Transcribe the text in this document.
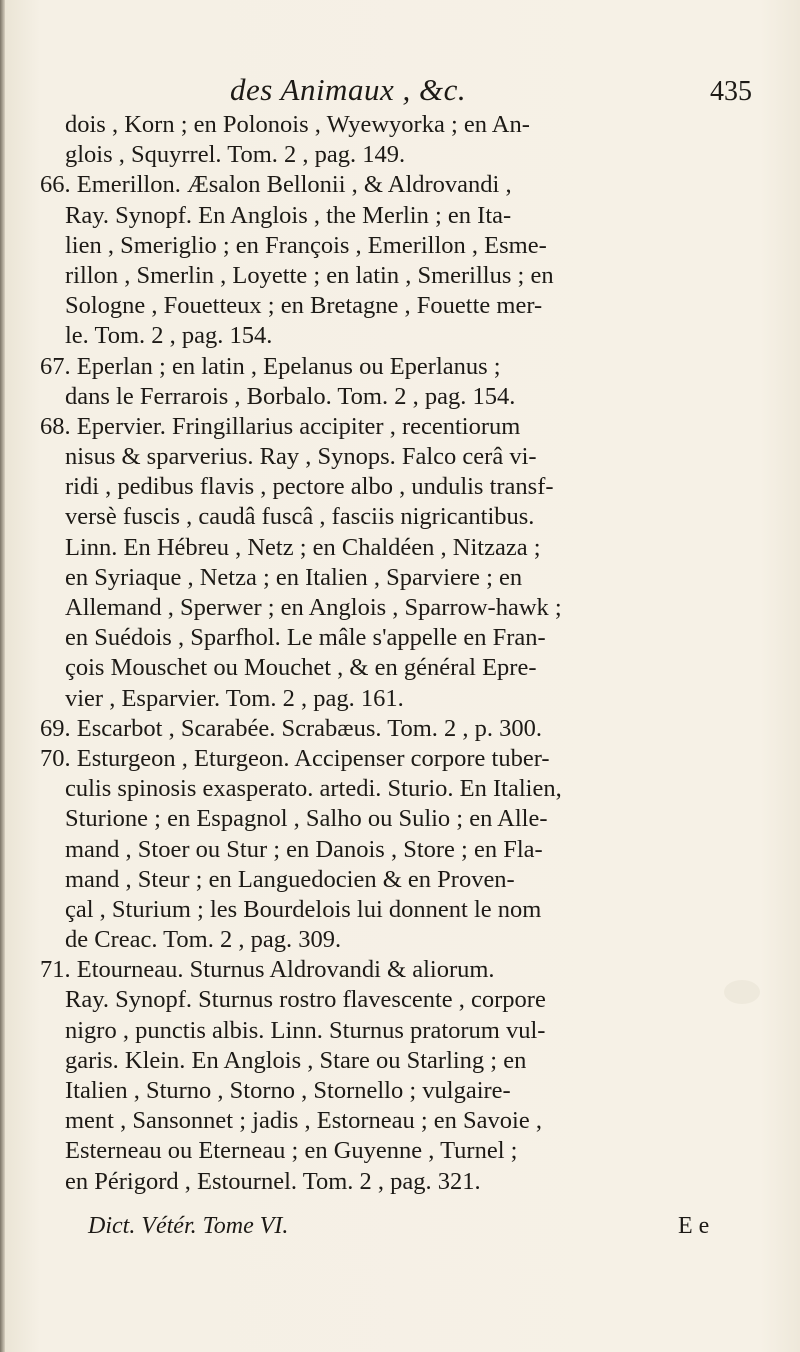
des Animaux , &c.	435
dois , Korn ; en Polonois , Wyewyorka ; en An-
glois , Squyrrel. Tom. 2 , pag. 149.
66. Emerillon. Æsalon Bellonii , & Aldrovandi ,
Ray. Synopf. En Anglois , the Merlin ; en Ita-
lien , Smeriglio ; en François , Emerillon , Esme-
rillon , Smerlin , Loyette ; en latin , Smerillus ; en
Sologne , Fouetteux ; en Bretagne , Fouette mer-
le. Tom. 2 , pag. 154.
67. Eperlan ; en latin , Epelanus ou Eperlanus ;
dans le Ferrarois , Borbalo. Tom. 2 , pag. 154.
68. Epervier. Fringillarius accipiter , recentiorum
nisus & sparverius. Ray , Synops. Falco cerâ vi-
ridi , pedibus flavis , pectore albo , undulis transf-
versè fuscis , caudâ fuscâ , fasciis nigricantibus.
Linn. En Hébreu , Netz ; en Chaldéen , Nitzaza ;
en Syriaque , Netza ; en Italien , Sparviere ; en
Allemand , Sperwer ; en Anglois , Sparrow-hawk ;
en Suédois , Sparfhol. Le mâle s'appelle en Fran-
çois Mouschet ou Mouchet , & en général Epre-
vier , Esparvier. Tom. 2 , pag. 161.
69. Escarbot , Scarabée. Scrabæus. Tom. 2 , p. 300.
70. Esturgeon , Eturgeon. Accipenser corpore tuber-
culis spinosis exasperato. artedi. Sturio. En Italien,
Sturione ; en Espagnol , Salho ou Sulio ; en Alle-
mand , Stoer ou Stur ; en Danois , Store ; en Fla-
mand , Steur ; en Languedocien & en Proven-
çal , Sturium ; les Bourdelois lui donnent le nom
de Creac. Tom. 2 , pag. 309.
71. Etourneau. Sturnus Aldrovandi & aliorum.
Ray. Synopf. Sturnus rostro flavescente , corpore
nigro , punctis albis. Linn. Sturnus pratorum vul-
garis. Klein. En Anglois , Stare ou Starling ; en
Italien , Sturno , Storno , Stornello ; vulgaire-
ment , Sansonnet ; jadis , Estorneau ; en Savoie ,
Esterneau ou Eterneau ; en Guyenne , Turnel ;
en Périgord , Estournel. Tom. 2 , pag. 321.
Dict. Vétér. Tome VI.	E e
